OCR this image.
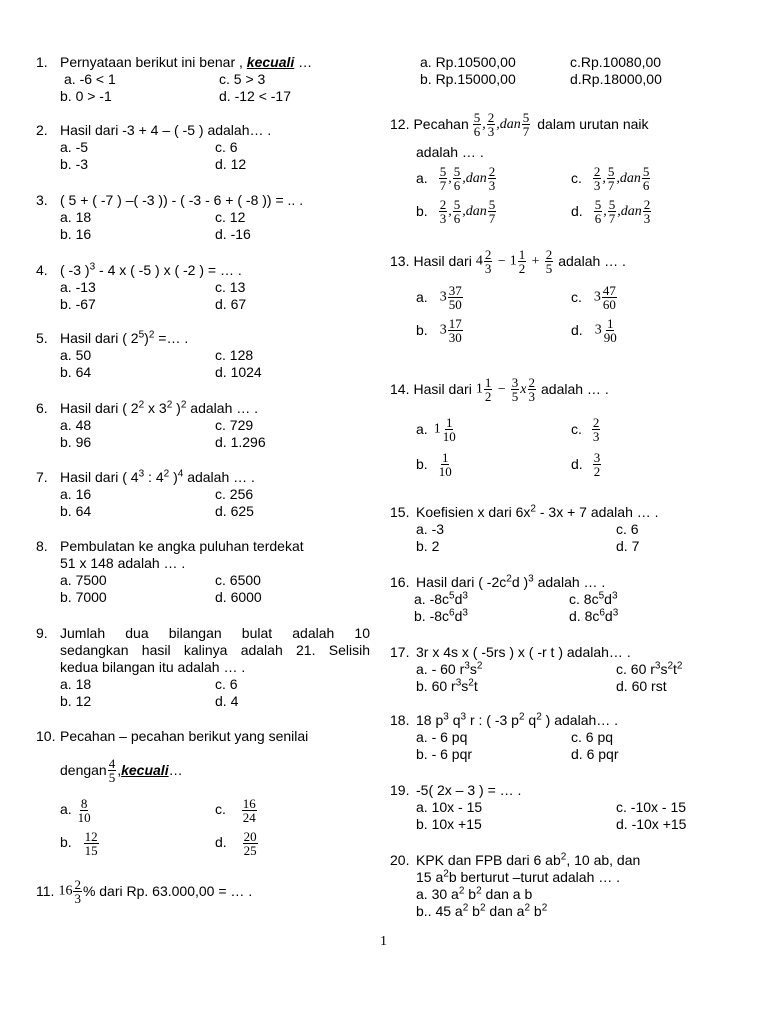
1. Pernyataan berikut ini benar , kecuali …
a. -6 < 1	c. 5 > 3
b. 0 > -1	d. -12 < -17
2. Hasil dari -3 + 4 – ( -5 ) adalah… .
a. -5	c. 6
b. -3	d. 12
3. ( 5 + ( -7 ) –( -3 )) - ( -3 - 6 + ( -8 )) = .. .
a. 18	c. 12
b. 16	d. -16
4. ( -3 )$^3$ - 4 x ( -5 ) x ( -2 ) = … .
a. -13	c. 13
b. -67	d. 67
5. Hasil dari ( $2^5)^2$ =… .
a. 50	c. 128
b. 64	d. 1024
6. Hasil dari ( $2^2$ x $3^2$ )$^2$ adalah … .
a. 48	c. 729
b. 96	d. 1.296
7. Hasil dari ( $4^3$ : $4^2$ )$^4$ adalah … .
a. 16	c. 256
b. 64	d. 625
8. Pembulatan ke angka puluhan terdekat
51 x 148 adalah … .
a. 7500	c. 6500
b. 7000	d. 6000
9. Jumlah dua bilangan bulat adalah 10
sedangkan hasil kalinya adalah 21. Selisih
kedua bilangan itu adalah … .
a. 18	c. 6
b. 12	d. 4
10. Pecahan – pecahan berikut yang senilai
dengan $\frac{4}{5}$ , kecuali …
a. $\frac{8}{10}$	c. $\frac{16}{24}$
b. $\frac{12}{15}$	d. $\frac{20}{25}$
11. $16 \frac{2}{3}$ % dari Rp. 63.000,00 = … .
a. Rp.10500,00	c.Rp.10080,00
b. Rp.15000,00	d.Rp.18000,00
12. Pecahan $\frac{5}{6}$ , $\frac{2}{3}$ , dan $\frac{5}{7}$ dalam urutan naik
adalah … .
a. $\frac{5}{7}$ , $\frac{5}{6}$ , dan $\frac{2}{3}$	c. $\frac{2}{3}$ , $\frac{5}{7}$ , dan $\frac{5}{6}$
b. $\frac{2}{3}$ , $\frac{5}{6}$ , dan $\frac{5}{7}$	d. $\frac{5}{6}$ , $\frac{5}{7}$ , dan $\frac{2}{3}$
13. Hasil dari $4 \frac{2}{3} - 1 \frac{1}{2} + \frac{2}{5}$ adalah … .
a. $3 \frac{37}{50}$	c. $3 \frac{47}{60}$
b. $3 \frac{17}{30}$	d. $3 \frac{1}{90}$
14. Hasil dari $1 \frac{1}{2} - \frac{3}{5}$ x $\frac{2}{3}$ adalah … .
a. $1 \frac{1}{10}$	c. $\frac{2}{3}$
b. $\frac{1}{10}$	d. $\frac{3}{2}$
15. Koefisien x dari $6x^2 - 3x + 7$ adalah … .
a. -3	c. 6
b. 2	d. 7
16. Hasil dari ( $-2c^2d$ )$^3$ adalah … .
a. $-8c^5d^3$	c. $8c^5d^3$
b. $-8c^6d^3$	d. $8c^6d^3$
17. 3r x 4s x ( -5rs ) x ( -r t ) adalah… .
a. - 60 $r^3s^2$	c. 60 $r^3s^2t^2$
b. 60 $r^3s^2t$	d. 60 rst
18. 18 $p^3$ $q^3$ r : ( -3 $p^2$ $q^2$ ) adalah… .
a. - 6 pq	c. 6 pq
b. - 6 pqr	d. 6 pqr
19. -5( 2x – 3 ) = … .
a. 10x - 15	c. -10x - 15
b. 10x +15	d. -10x +15
20. KPK dan FPB dari 6 $ab^2$, 10 ab, dan
15 $a^2b$ berturut –turut adalah … .
a. 30 $a^2$ $b^2$ dan a b
b.. 45 $a^2$ $b^2$ dan $a^2$ $b^2$
1
